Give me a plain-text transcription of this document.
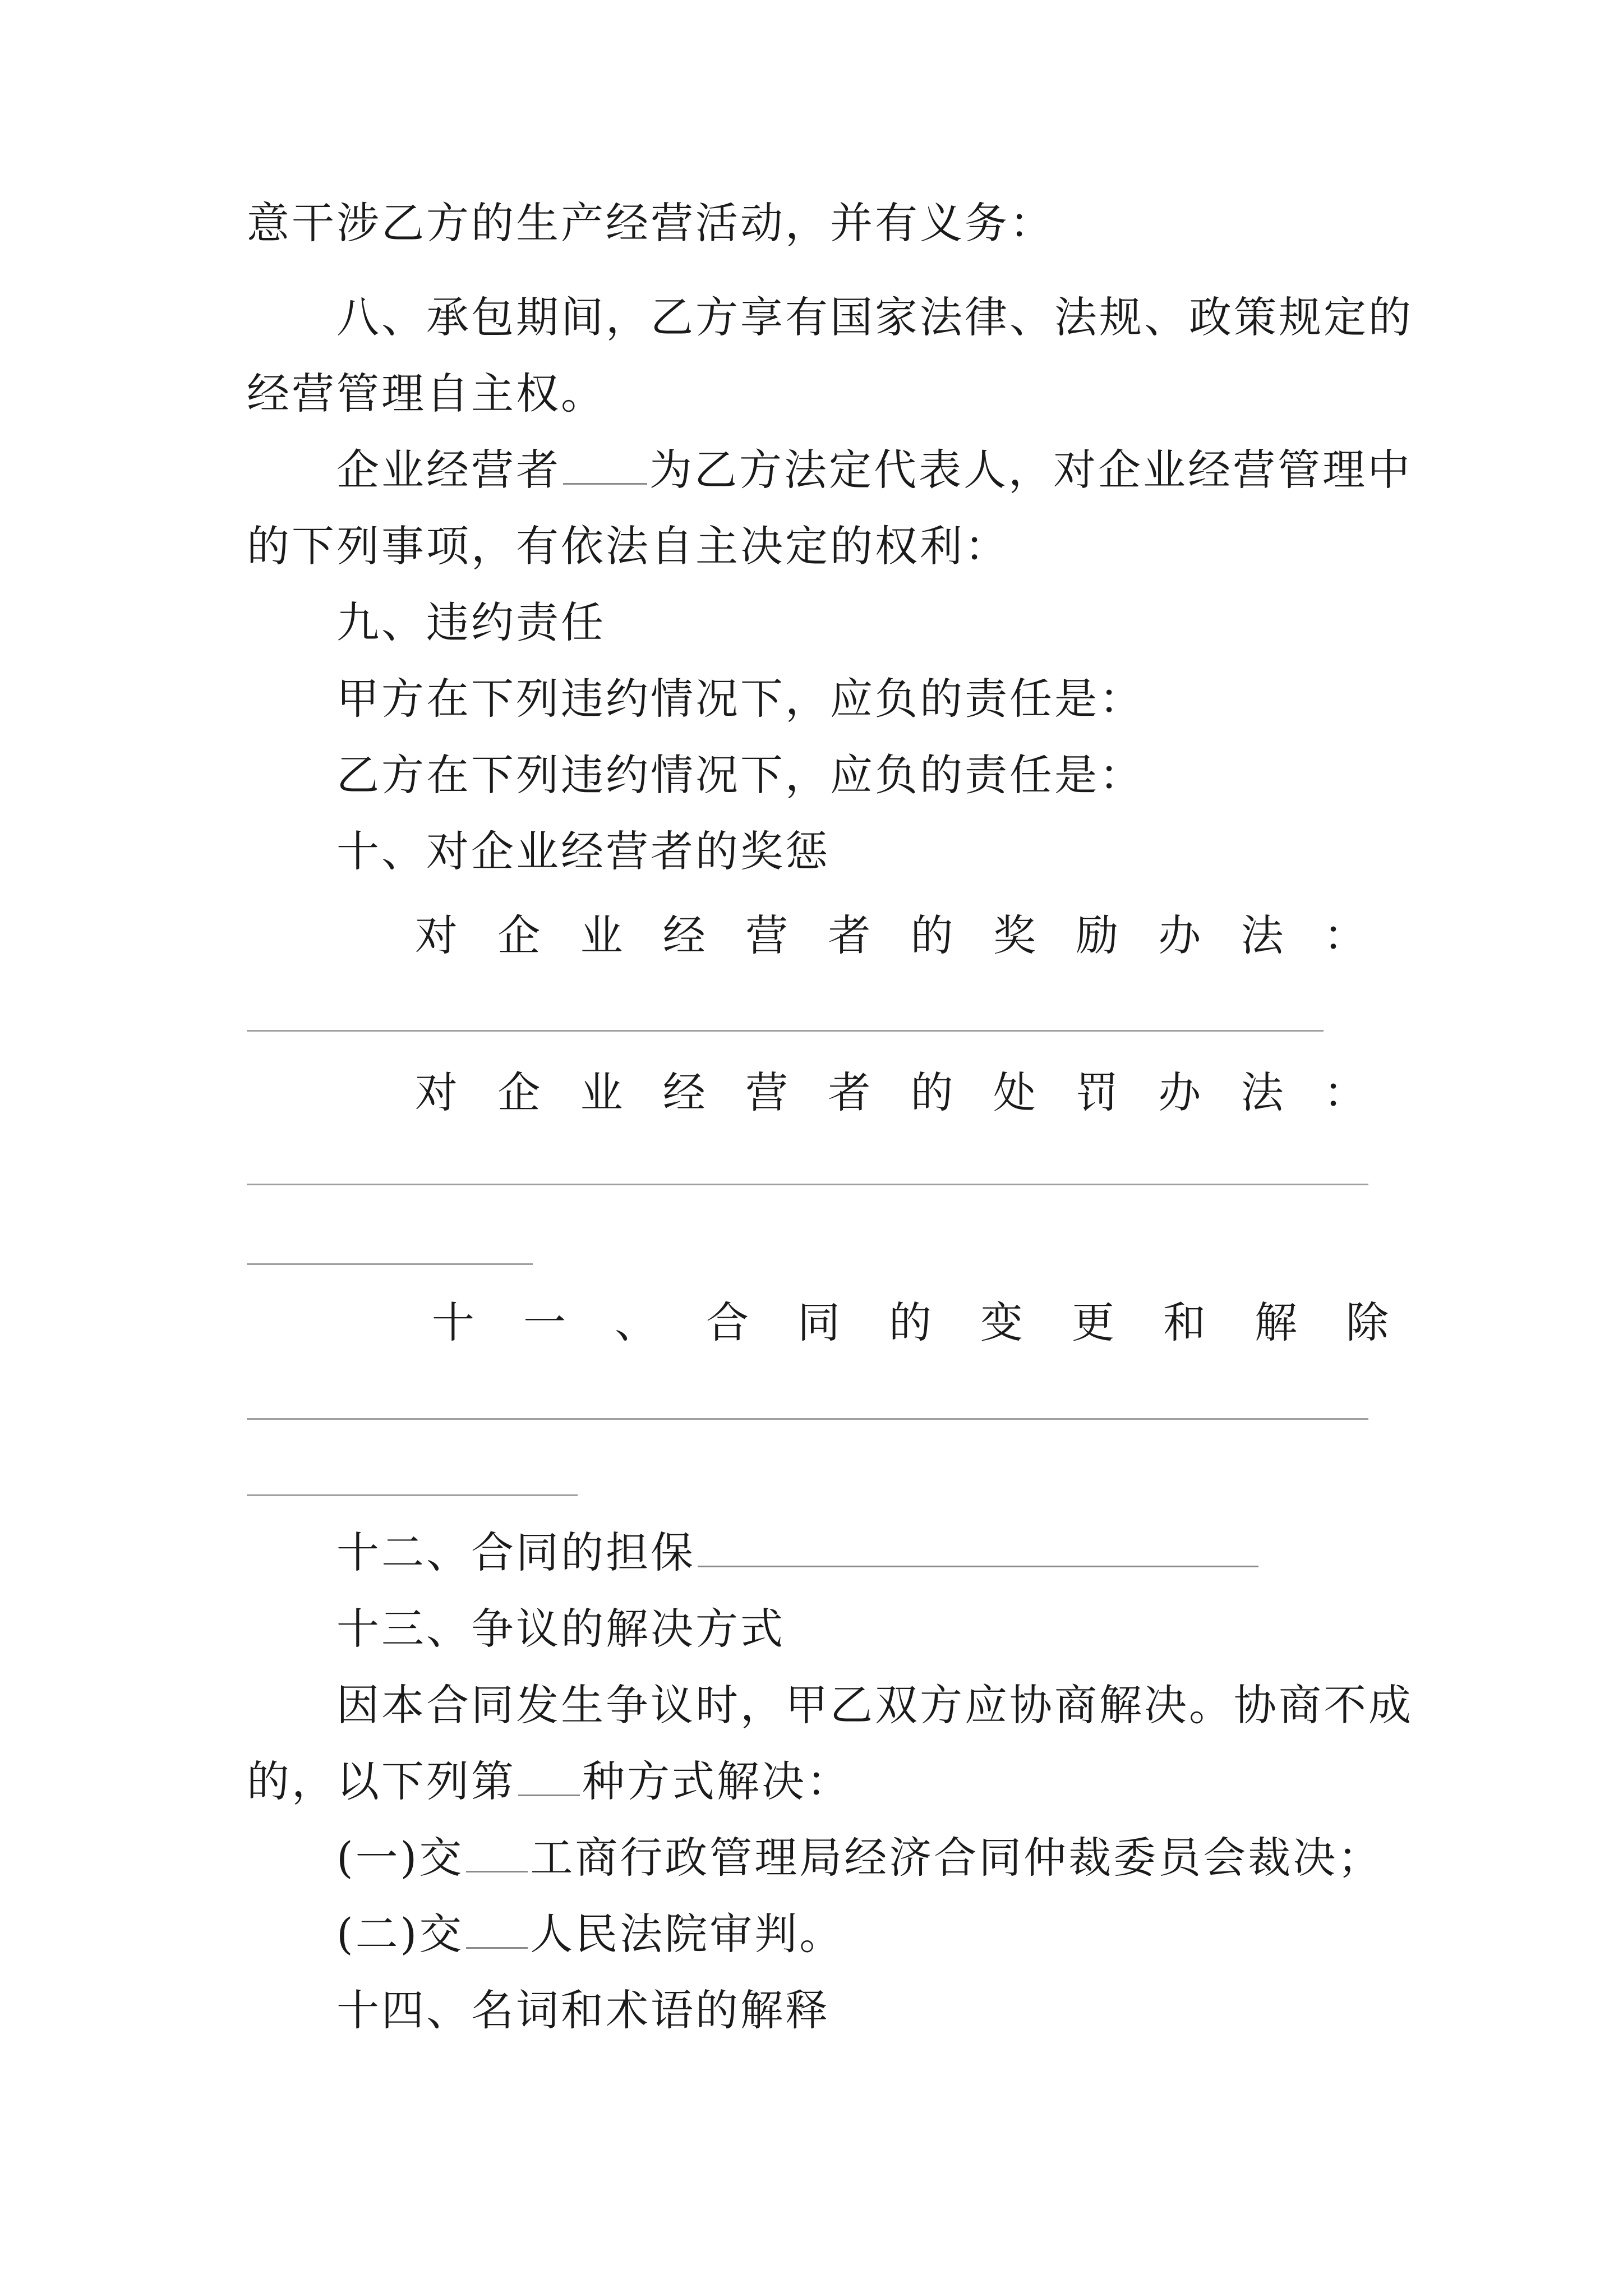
意干涉乙方的生产经营活动，并有义务：
八、承包期间，乙方享有国家法律、法规、政策规定的
经营管理自主权。
企业经营者 为乙方法定代表人，对企业经营管理中
的下列事项，有依法自主决定的权利：
九、违约责任
甲方在下列违约情况下，应负的责任是：
乙方在下列违约情况下，应负的责任是：
十、对企业经营者的奖惩
对 企 业 经 营 者 的 奖 励 办 法 ：
对 企 业 经 营 者 的 处 罚 办 法 ：
十 一 、 合 同 的 变 更 和 解 除
十二、合同的担保
十三、争议的解决方式
因本合同发生争议时，甲乙双方应协商解决。协商不成
的，以下列第 种方式解决：
(一)交 工商行政管理局经济合同仲裁委员会裁决；
(二)交 人民法院审判。
十四、名词和术语的解释
